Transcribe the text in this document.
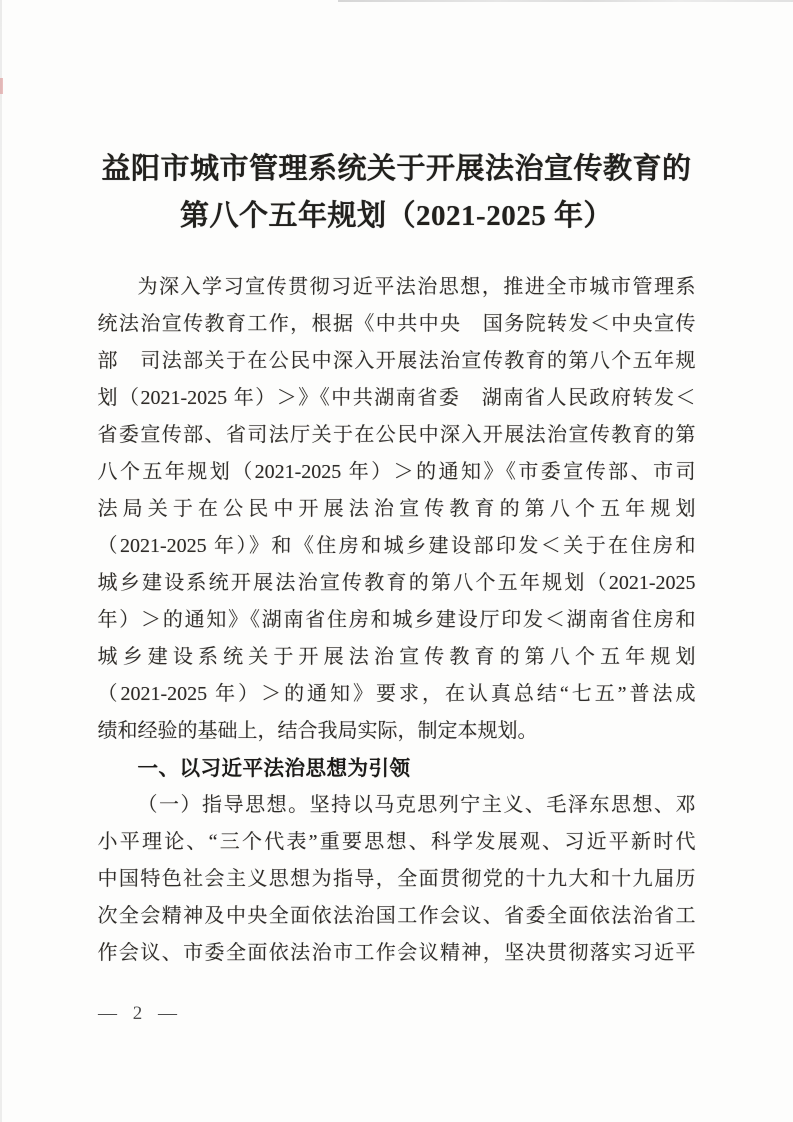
益阳市城市管理系统关于开展法治宣传教育的
第八个五年规划（2021-2025 年）
为深入学习宣传贯彻习近平法治思想，推进全市城市管理系
统法治宣传教育工作，根据《中共中央　国务院转发＜中央宣传
部　司法部关于在公民中深入开展法治宣传教育的第八个五年规
划（2021-2025 年）＞》《中共湖南省委　湖南省人民政府转发＜
省委宣传部、省司法厅关于在公民中深入开展法治宣传教育的第
八个五年规划（2021-2025 年）＞的通知》《市委宣传部、市司
法局关于在公民中开展法治宣传教育的第八个五年规划
（2021-2025 年）》和《住房和城乡建设部印发＜关于在住房和
城乡建设系统开展法治宣传教育的第八个五年规划（2021-2025
年）＞的通知》《湖南省住房和城乡建设厅印发＜湖南省住房和
城乡建设系统关于开展法治宣传教育的第八个五年规划
（2021-2025 年）＞的通知》要求，在认真总结“七五”普法成
绩和经验的基础上，结合我局实际，制定本规划。
一、以习近平法治思想为引领
（一）指导思想。坚持以马克思列宁主义、毛泽东思想、邓
小平理论、“三个代表”重要思想、科学发展观、习近平新时代
中国特色社会主义思想为指导，全面贯彻党的十九大和十九届历
次全会精神及中央全面依法治国工作会议、省委全面依法治省工
作会议、市委全面依法治市工作会议精神，坚决贯彻落实习近平
— 2 —
